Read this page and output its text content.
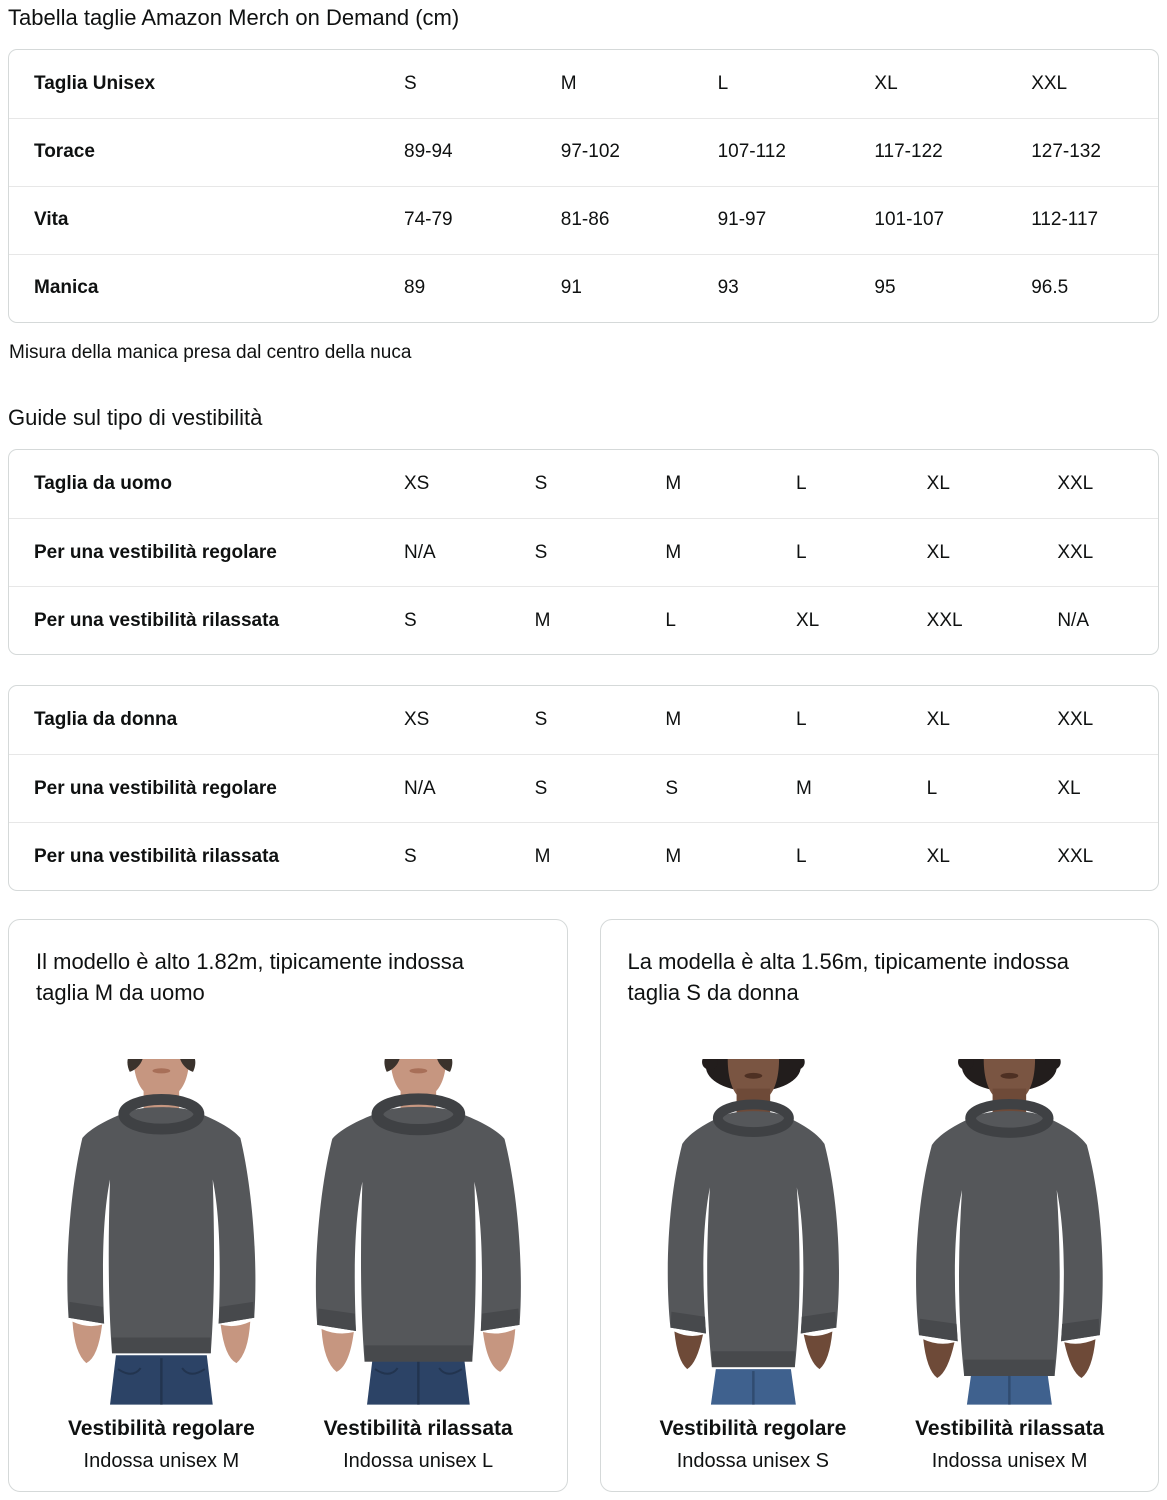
Tabella taglie Amazon Merch on Demand (cm)
Taglia Unisex	S	M	L	XL	XXL
Torace	89-94	97-102	107-112	117-122	127-132
Vita	74-79	81-86	91-97	101-107	112-117
Manica	89	91	93	95	96.5
Misura della manica presa dal centro della nuca
Guide sul tipo di vestibilità
Taglia da uomo	XS	S	M	L	XL	XXL
Per una vestibilità regolare	N/A	S	M	L	XL	XXL
Per una vestibilità rilassata	S	M	L	XL	XXL	N/A
Taglia da donna	XS	S	M	L	XL	XXL
Per una vestibilità regolare	N/A	S	S	M	L	XL
Per una vestibilità rilassata	S	M	M	L	XL	XXL

Il modello è alto 1.82m, tipicamente indossa taglia M da uomo

Vestibilità regolare
Indossa unisex M
Vestibilità rilassata
Indossa unisex L

La modella è alta 1.56m, tipicamente indossa taglia S da donna

Vestibilità regolare
Indossa unisex S
Vestibilità rilassata
Indossa unisex M
